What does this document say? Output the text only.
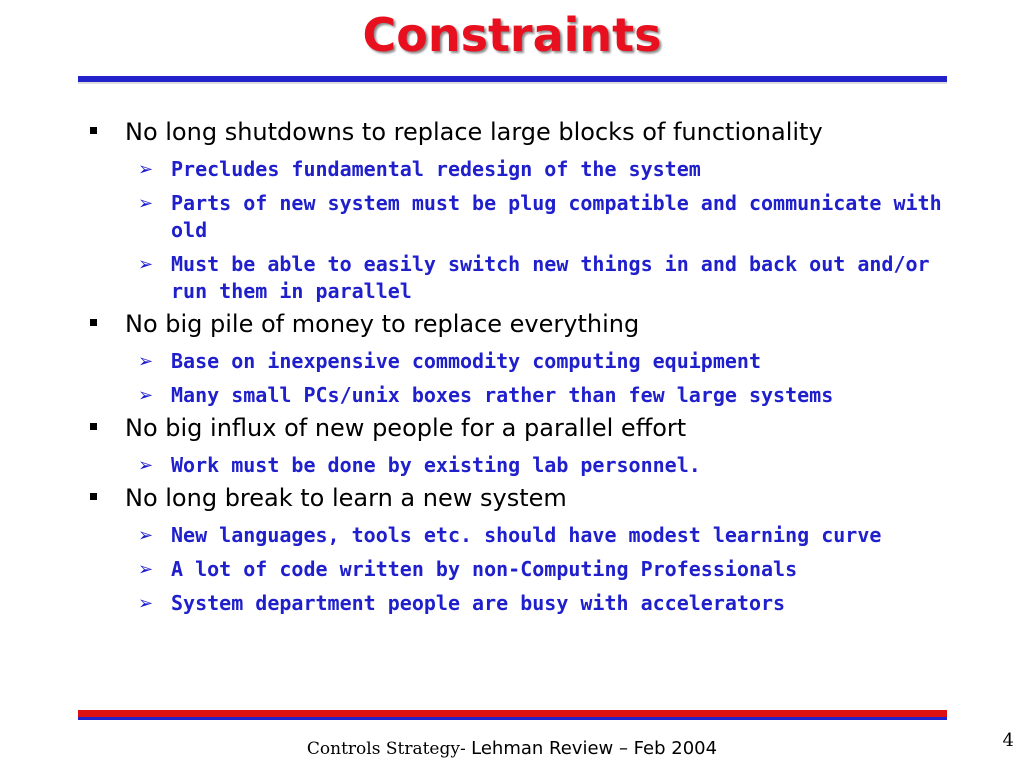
Constraints
No long shutdowns to replace large blocks of functionality
➢ Precludes fundamental redesign of the system
➢ Parts of new system must be plug compatible and communicate with old
➢ Must be able to easily switch new things in and back out and/or run them in parallel
No big pile of money to replace everything
➢ Base on inexpensive commodity computing equipment
➢ Many small PCs/unix boxes rather than few large systems
No big influx of new people for a parallel effort
➢ Work must be done by existing lab personnel.
No long break to learn a new system
➢ New languages, tools etc. should have modest learning curve
➢ A lot of code written by non-Computing Professionals
➢ System department people are busy with accelerators
Controls Strategy- Lehman Review – Feb 2004	4
